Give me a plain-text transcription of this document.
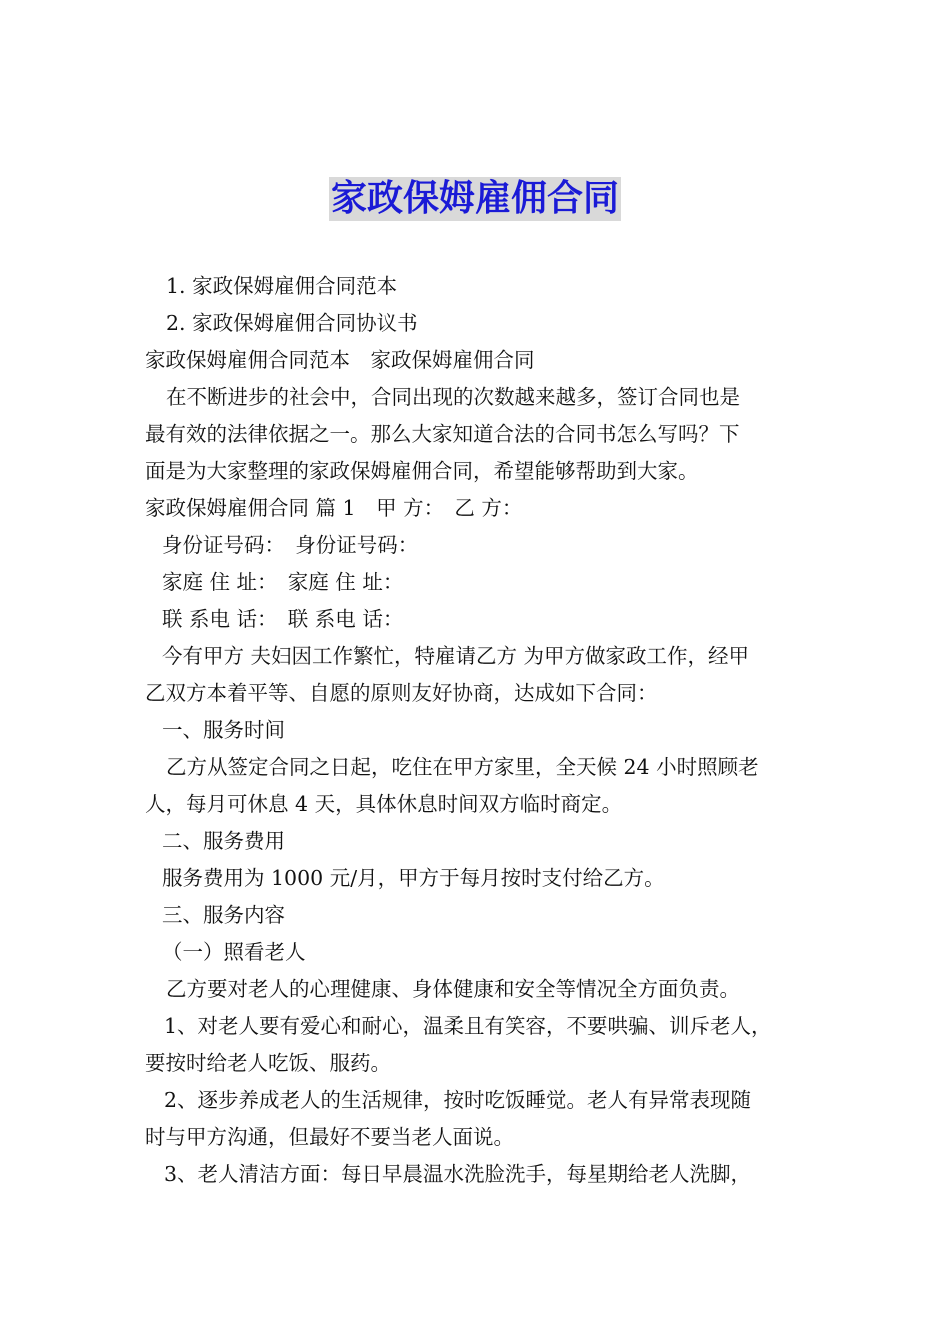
家政保姆雇佣合同
1. 家政保姆雇佣合同范本
2. 家政保姆雇佣合同协议书
家政保姆雇佣合同范本　家政保姆雇佣合同
在不断进步的社会中，合同出现的次数越来越多，签订合同也是
最有效的法律依据之一。那么大家知道合法的合同书怎么写吗？下
面是为大家整理的家政保姆雇佣合同，希望能够帮助到大家。
家政保姆雇佣合同 篇 1　甲 方：　乙 方：
身份证号码：　身份证号码：
家庭 住 址：　家庭 住 址：
联 系电 话：　联 系电 话：
今有甲方 夫妇因工作繁忙，特雇请乙方 为甲方做家政工作，经甲
乙双方本着平等、自愿的原则友好协商，达成如下合同：
一、服务时间
乙方从签定合同之日起，吃住在甲方家里，全天候 24 小时照顾老
人，每月可休息 4 天，具体休息时间双方临时商定。
二、服务费用
服务费用为 1000 元/月，甲方于每月按时支付给乙方。
三、服务内容
（一）照看老人
乙方要对老人的心理健康、身体健康和安全等情况全方面负责。
1、对老人要有爱心和耐心，温柔且有笑容，不要哄骗、训斥老人，
要按时给老人吃饭、服药。
2、逐步养成老人的生活规律，按时吃饭睡觉。老人有异常表现随
时与甲方沟通，但最好不要当老人面说。
3、老人清洁方面：每日早晨温水洗脸洗手，每星期给老人洗脚，
